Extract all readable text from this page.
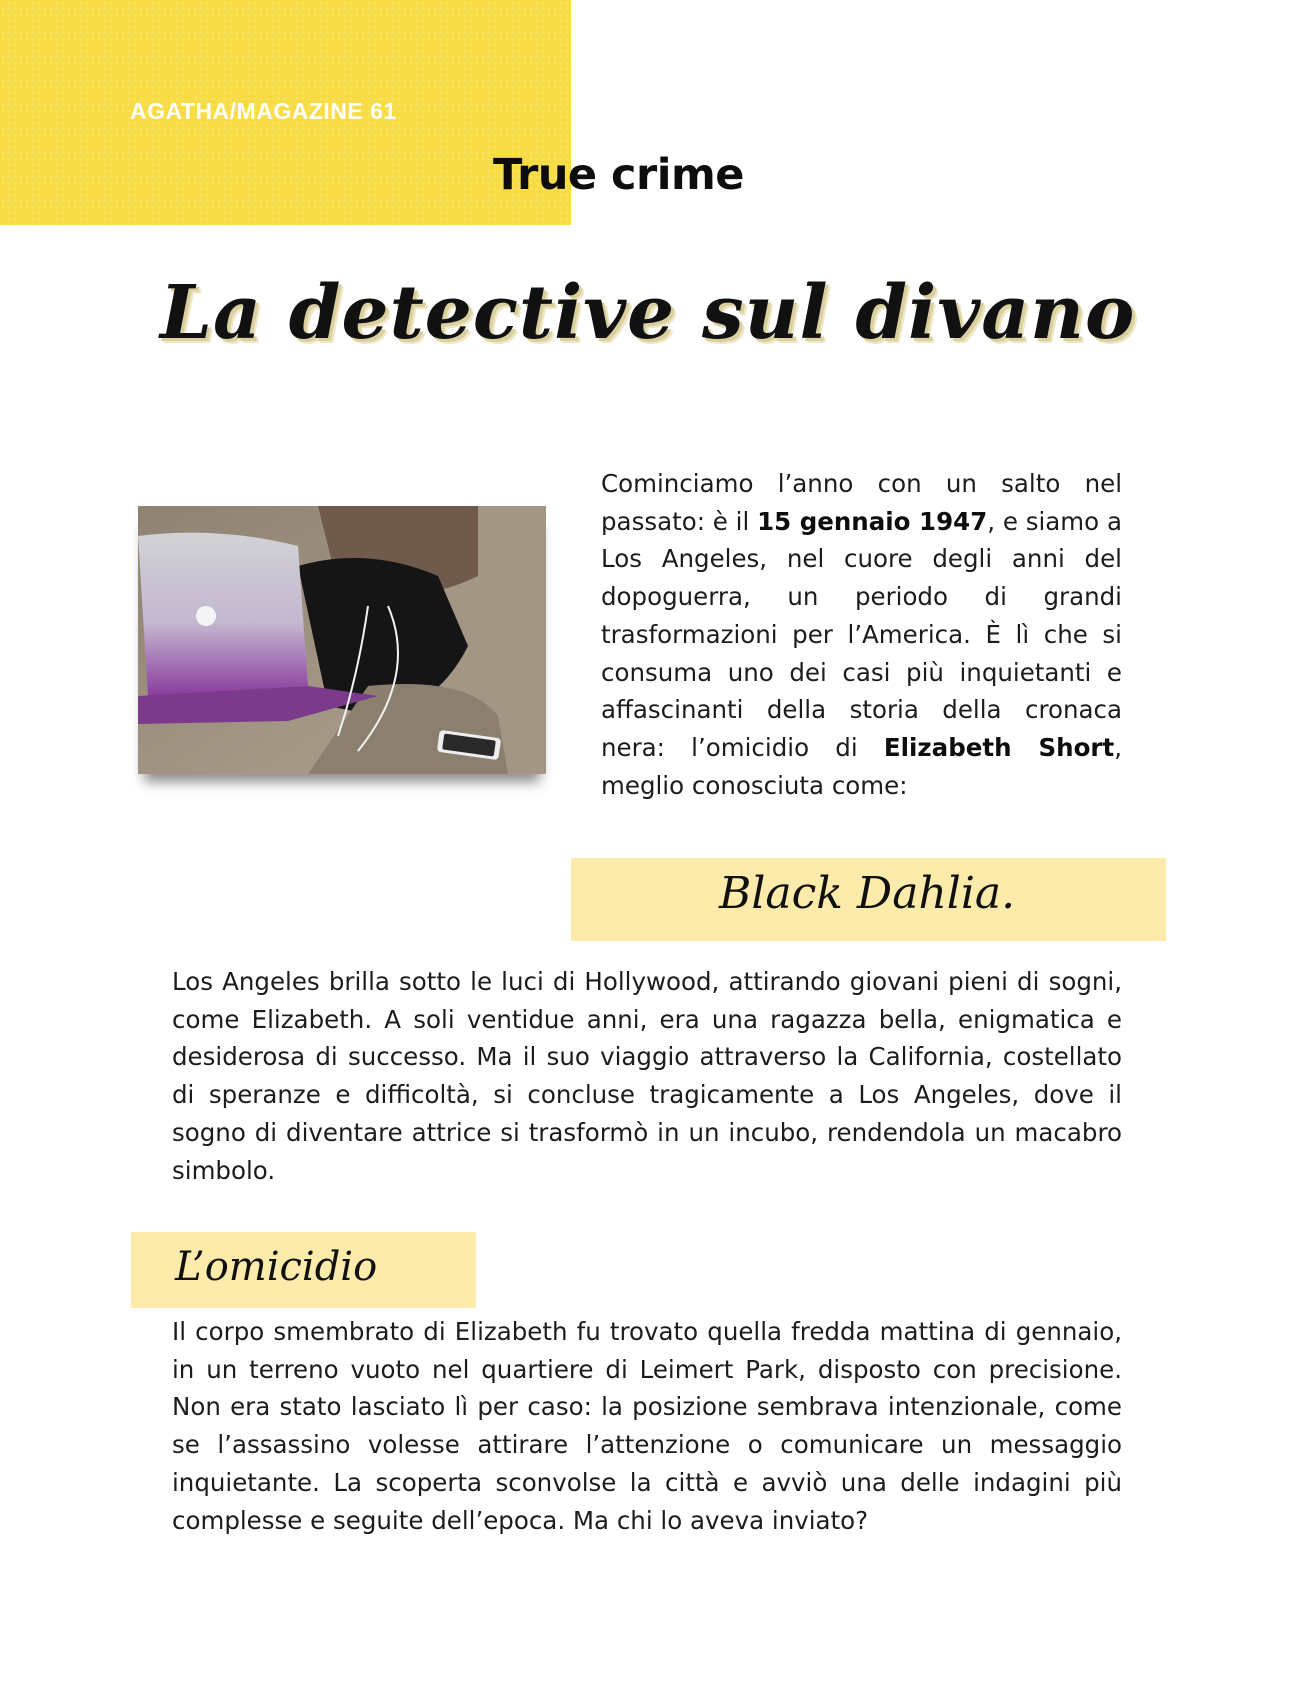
AGATHA/MAGAZINE 61
True crime
La detective sul divano
Cominciamo l’anno con un salto nel passato: è il 15 gennaio 1947, e siamo a Los Angeles, nel cuore degli anni del dopoguerra, un periodo di grandi trasformazioni per l’America. È lì che si consuma uno dei casi più inquietanti e affascinanti della storia della cronaca nera: l’omicidio di Elizabeth Short, meglio conosciuta come:
Black Dahlia.
Los Angeles brilla sotto le luci di Hollywood, attirando giovani pieni di sogni, come Elizabeth. A soli ventidue anni, era una ragazza bella, enigmatica e desiderosa di successo. Ma il suo viaggio attraverso la California, costellato di speranze e difficoltà, si concluse tragicamente a Los Angeles, dove il sogno di diventare attrice si trasformò in un incubo, rendendola un macabro simbolo.
L’omicidio
Il corpo smembrato di Elizabeth fu trovato quella fredda mattina di gennaio, in un terreno vuoto nel quartiere di Leimert Park, disposto con precisione. Non era stato lasciato lì per caso: la posizione sembrava intenzionale, come se l’assassino volesse attirare l’attenzione o comunicare un messaggio inquietante. La scoperta sconvolse la città e avviò una delle indagini più complesse e seguite dell’epoca. Ma chi lo aveva inviato?
